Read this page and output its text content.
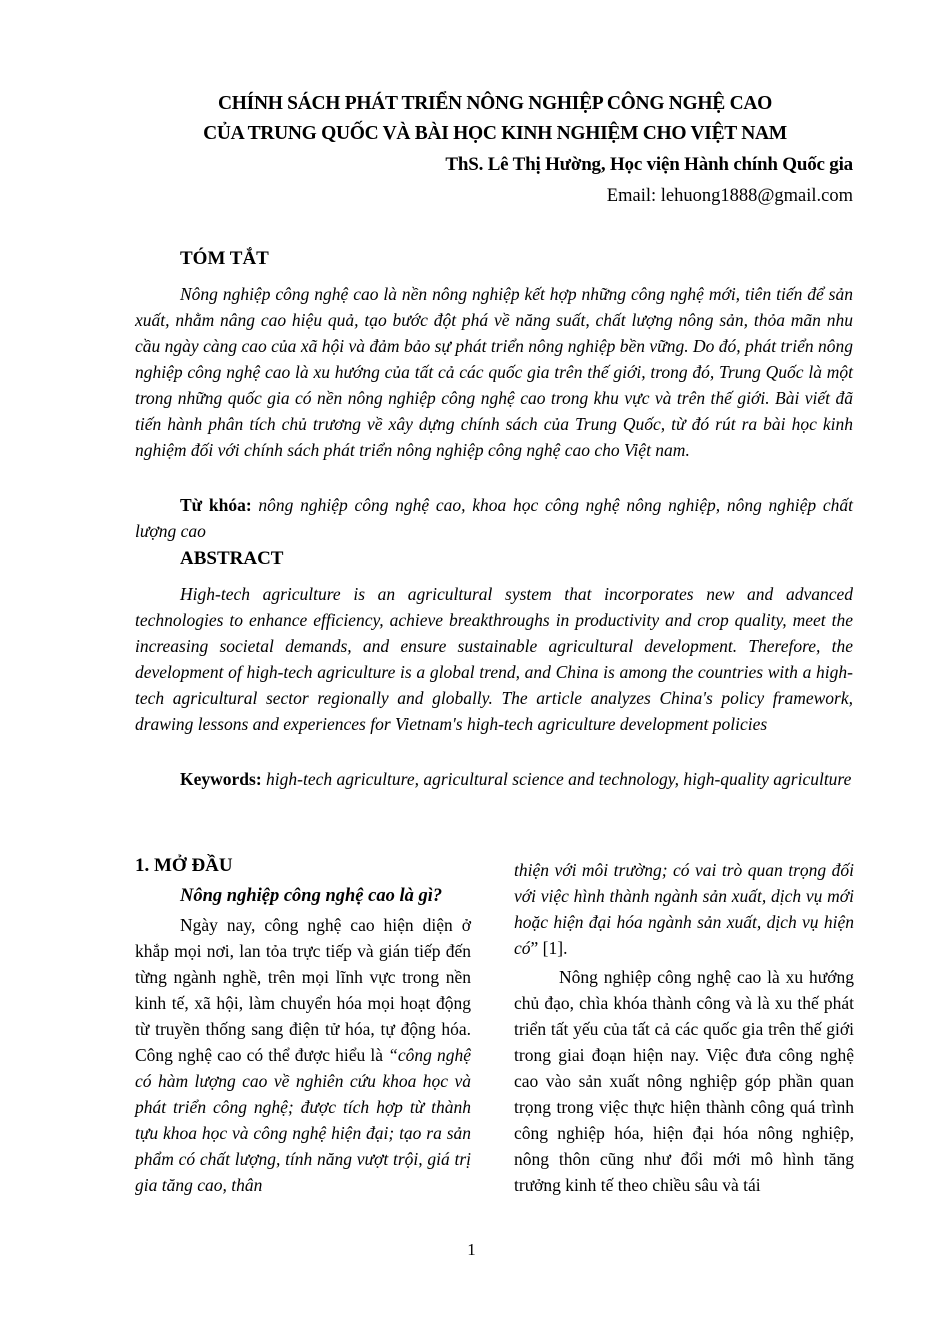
CHÍNH SÁCH PHÁT TRIỂN NÔNG NGHIỆP CÔNG NGHỆ CAO
CỦA TRUNG QUỐC VÀ BÀI HỌC KINH NGHIỆM CHO VIỆT NAM
ThS. Lê Thị Hường, Học viện Hành chính Quốc gia
Email: lehuong1888@gmail.com
TÓM TẮT
Nông nghiệp công nghệ cao là nền nông nghiệp kết hợp những công nghệ mới, tiên tiến để sản xuất, nhằm nâng cao hiệu quả, tạo bước đột phá về năng suất, chất lượng nông sản, thỏa mãn nhu cầu ngày càng cao của xã hội và đảm bảo sự phát triển nông nghiệp bền vững. Do đó, phát triển nông nghiệp công nghệ cao là xu hướng của tất cả các quốc gia trên thế giới, trong đó, Trung Quốc là một trong những quốc gia có nền nông nghiệp công nghệ cao trong khu vực và trên thế giới. Bài viết đã tiến hành phân tích chủ trương về xây dựng chính sách của Trung Quốc, từ đó rút ra bài học kinh nghiệm đối với chính sách phát triển nông nghiệp công nghệ cao cho Việt nam.
Từ khóa: nông nghiệp công nghệ cao, khoa học công nghệ nông nghiệp, nông nghiệp chất lượng cao
ABSTRACT
High-tech agriculture is an agricultural system that incorporates new and advanced technologies to enhance efficiency, achieve breakthroughs in productivity and crop quality, meet the increasing societal demands, and ensure sustainable agricultural development. Therefore, the development of high-tech agriculture is a global trend, and China is among the countries with a high-tech agricultural sector regionally and globally. The article analyzes China's policy framework, drawing lessons and experiences for Vietnam's high-tech agriculture development policies
Keywords: high-tech agriculture, agricultural science and technology, high-quality agriculture
1. MỞ ĐẦU
Nông nghiệp công nghệ cao là gì?
Ngày nay, công nghệ cao hiện diện ở khắp mọi nơi, lan tỏa trực tiếp và gián tiếp đến từng ngành nghề, trên mọi lĩnh vực trong nền kinh tế, xã hội, làm chuyển hóa mọi hoạt động từ truyền thống sang điện tử hóa, tự động hóa. Công nghệ cao có thể được hiểu là “công nghệ có hàm lượng cao về nghiên cứu khoa học và phát triển công nghệ; được tích hợp từ thành tựu khoa học và công nghệ hiện đại; tạo ra sản phẩm có chất lượng, tính năng vượt trội, giá trị gia tăng cao, thân
thiện với môi trường; có vai trò quan trọng đối với việc hình thành ngành sản xuất, dịch vụ mới hoặc hiện đại hóa ngành sản xuất, dịch vụ hiện có” [1].
Nông nghiệp công nghệ cao là xu hướng chủ đạo, chìa khóa thành công và là xu thế phát triển tất yếu của tất cả các quốc gia trên thế giới trong giai đoạn hiện nay. Việc đưa công nghệ cao vào sản xuất nông nghiệp góp phần quan trọng trong việc thực hiện thành công quá trình công nghiệp hóa, hiện đại hóa nông nghiệp, nông thôn cũng như đổi mới mô hình tăng trưởng kinh tế theo chiều sâu và tái
1
